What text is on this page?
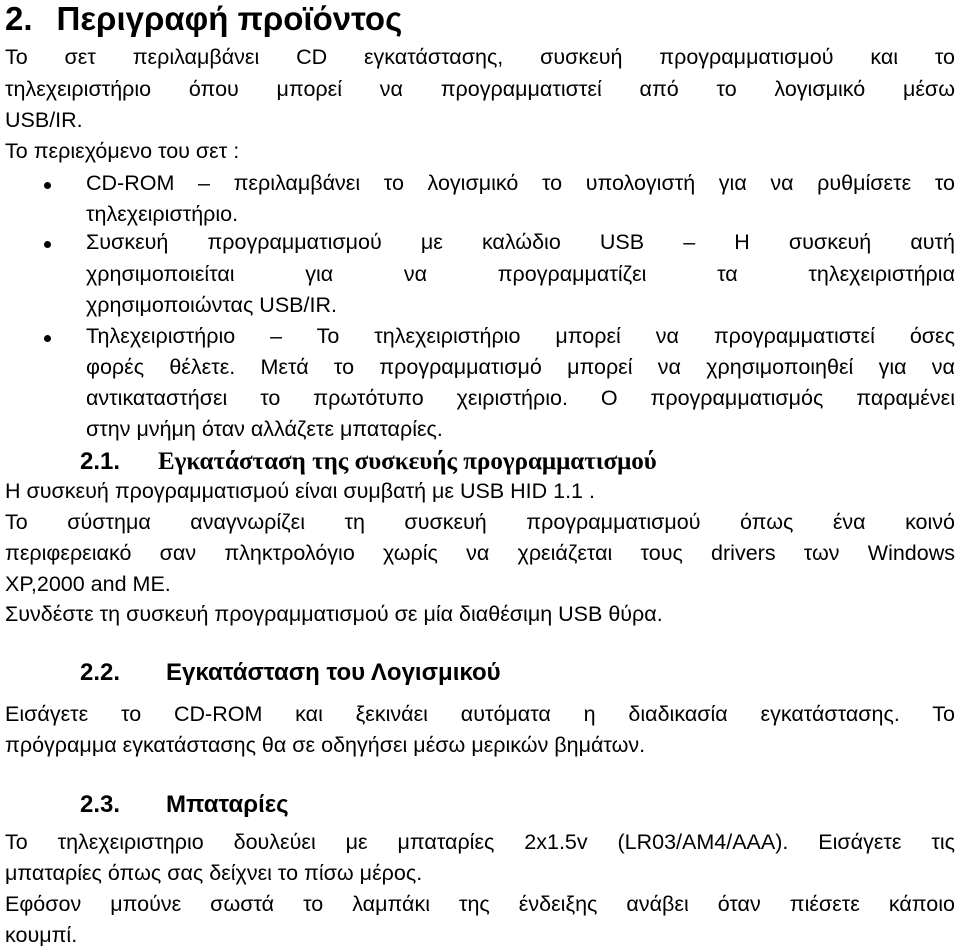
2. Περιγραφή προϊόντος
Το σετ περιλαμβάνει CD εγκατάστασης, συσκευή προγραμματισμού και το
τηλεχειριστήριο όπου μπορεί να προγραμματιστεί από το λογισμικό μέσω
USB/IR.
Το περιεχόμενο του σετ :
CD-ROM – περιλαμβάνει το λογισμικό το υπολογιστή για να ρυθμίσετε το
τηλεχειριστήριο.
Συσκευή προγραμματισμού με καλώδιο USB – Η συσκευή αυτή
χρησιμοποιείται για να προγραμματίζει τα τηλεχειριστήρια
χρησιμοποιώντας USB/IR.
Τηλεχειριστήριο – Το τηλεχειριστήριο μπορεί να προγραμματιστεί όσες
φορές θέλετε. Μετά το προγραμματισμό μπορεί να χρησιμοποιηθεί για να
αντικαταστήσει το πρωτότυπο χειριστήριο. Ο προγραμματισμός παραμένει
στην μνήμη όταν αλλάζετε μπαταρίες.
2.1. Εγκατάσταση της συσκευής προγραμματισμού
Η συσκευή προγραμματισμού είναι συμβατή με USB HID 1.1 .
Το σύστημα αναγνωρίζει τη συσκευή προγραμματισμού όπως ένα κοινό
περιφερειακό σαν πληκτρολόγιο χωρίς να χρειάζεται τους drivers των Windows
XP,2000 and ME.
Συνδέστε τη συσκευή προγραμματισμού σε μία διαθέσιμη USB θύρα.
2.2. Εγκατάσταση του Λογισμικού
Εισάγετε το CD-ROM και ξεκινάει αυτόματα η διαδικασία εγκατάστασης. Το
πρόγραμμα εγκατάστασης θα σε οδηγήσει μέσω μερικών βημάτων.
2.3. Μπαταρίες
Το τηλεχειριστηριο δουλεύει με μπαταρίες 2x1.5v (LR03/AM4/AAA). Εισάγετε τις
μπαταρίες όπως σας δείχνει το πίσω μέρος.
Εφόσον μπούνε σωστά το λαμπάκι της ένδειξης ανάβει όταν πιέσετε κάποιο
κουμπί.
